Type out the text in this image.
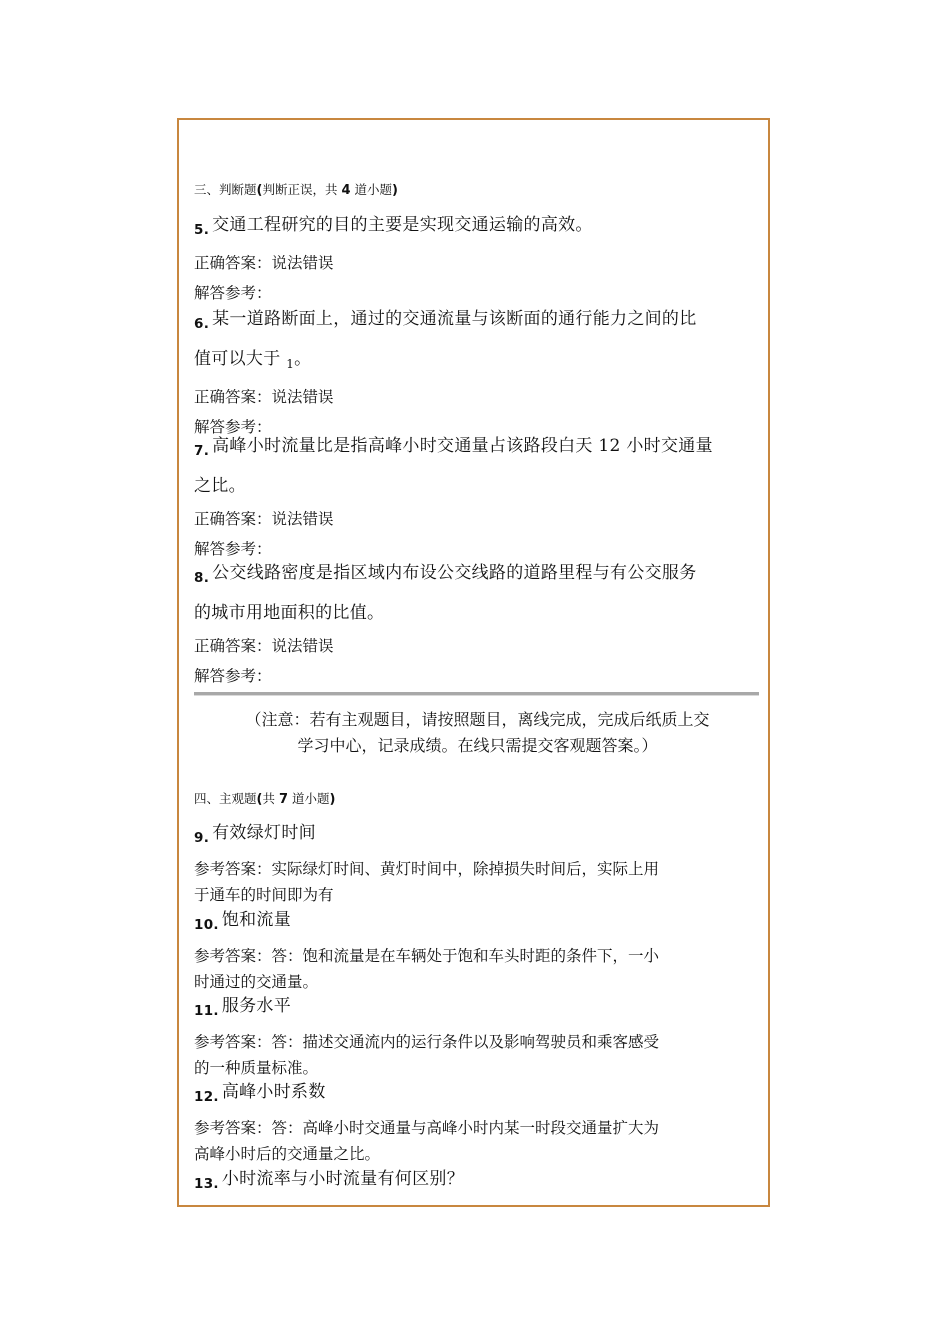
三、判断题(判断正误，共 4 道小题)
$_{5.}$ 交通工程研究的目的主要是实现交通运输的高效。
正确答案：说法错误
解答参考：
$_{6.}$ 某一道路断面上，通过的交通流量与该断面的通行能力之间的比
值可以大于 $_1$。
正确答案：说法错误
解答参考：
$_{7.}$ 高峰小时流量比是指高峰小时交通量占该路段白天 12 小时交通量
之比。
正确答案：说法错误
解答参考：
$_{8.}$ 公交线路密度是指区域内布设公交线路的道路里程与有公交服务
的城市用地面积的比值。
正确答案：说法错误
解答参考：
（注意：若有主观题目，请按照题目，离线完成，完成后纸质上交
学习中心，记录成绩。在线只需提交客观题答案。）
四、主观题(共 7 道小题)
$_{9.}$ 有效绿灯时间
参考答案：实际绿灯时间、黄灯时间中，除掉损失时间后，实际上用
于通车的时间即为有
$_{10.}$ 饱和流量
参考答案：答：饱和流量是在车辆处于饱和车头时距的条件下，一小
时通过的交通量。
$_{11.}$ 服务水平
参考答案：答：描述交通流内的运行条件以及影响驾驶员和乘客感受
的一种质量标准。
$_{12.}$ 高峰小时系数
参考答案：答：高峰小时交通量与高峰小时内某一时段交通量扩大为
高峰小时后的交通量之比。
$_{13.}$ 小时流率与小时流量有何区别？
